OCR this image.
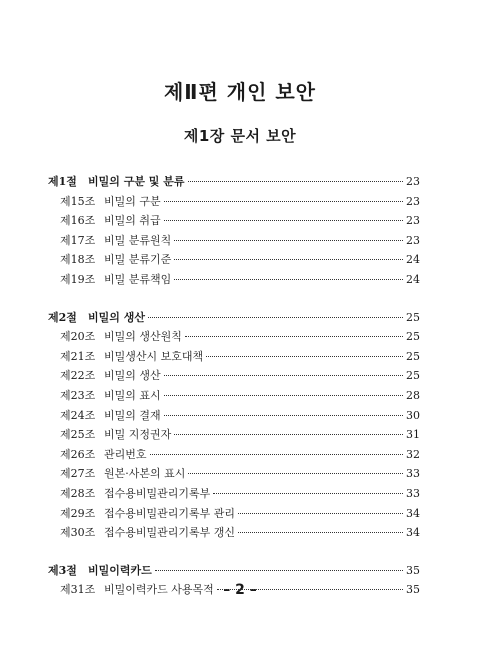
제Ⅱ편 개인 보안
제1장 문서 보안
제1절	비밀의 구분 및 분류	23
제15조 비밀의 구분	23
제16조 비밀의 취급	23
제17조 비밀 분류원칙	23
제18조 비밀 분류기준	24
제19조 비밀 분류책임	24
제2절	비밀의 생산	25
제20조 비밀의 생산원칙	25
제21조 비밀생산시 보호대책	25
제22조 비밀의 생산	25
제23조 비밀의 표시	28
제24조 비밀의 결재	30
제25조 비밀 지정권자	31
제26조 관리번호	32
제27조 원본·사본의 표시	33
제28조 접수용비밀관리기록부	33
제29조 접수용비밀관리기록부 관리	34
제30조 접수용비밀관리기록부 갱신	34
제3절	비밀이력카드	35
제31조 비밀이력카드 사용목적	35
– 2 –
